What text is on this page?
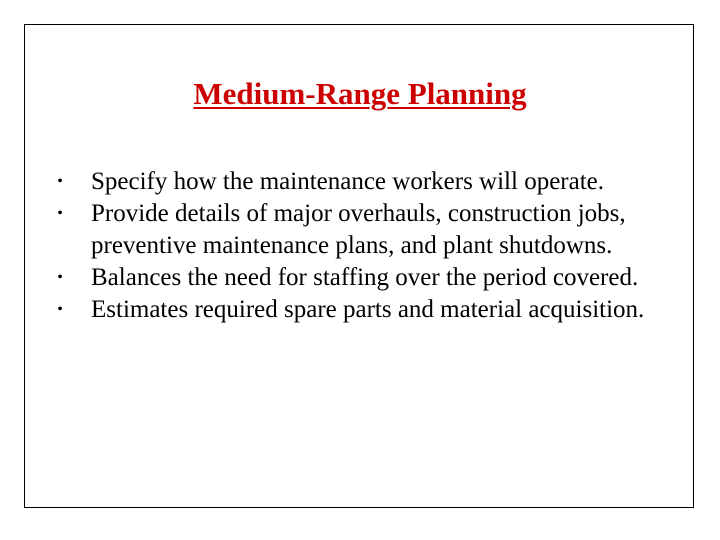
Medium-Range Planning
• Specify how the maintenance workers will operate.
• Provide details of major overhauls, construction jobs, preventive maintenance plans, and plant shutdowns.
• Balances the need for staffing over the period covered.
• Estimates required spare parts and material acquisition.
